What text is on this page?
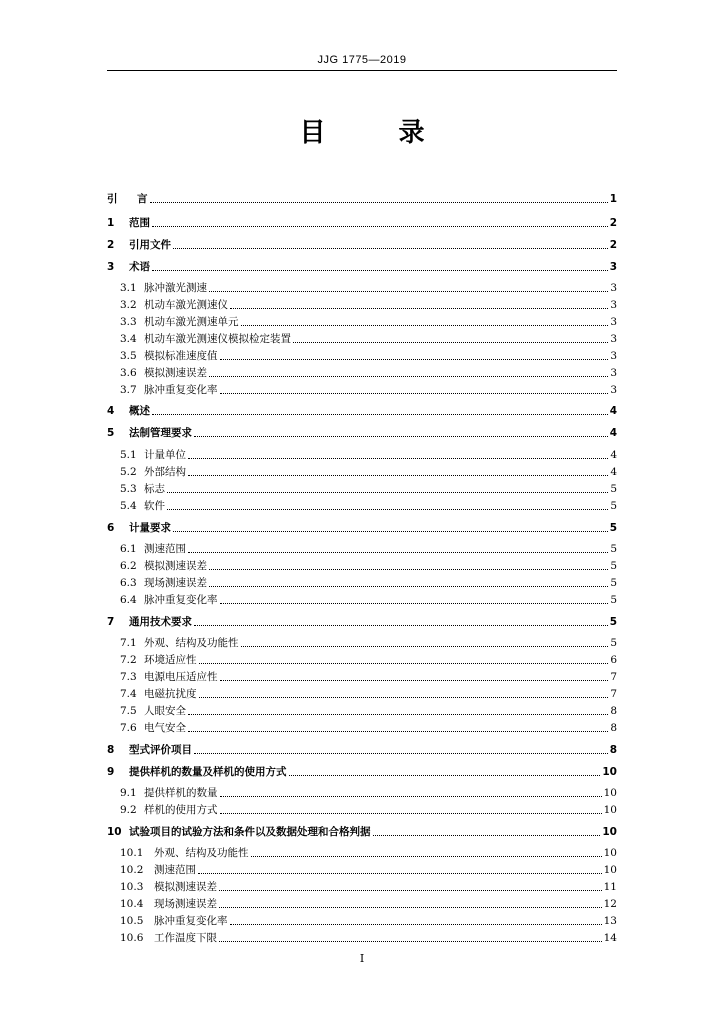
JJG 1775—2019
目 录
引	言	1
1	范围	2
2	引用文件	2
3	术语	3
3.1 脉冲激光测速	3
3.2 机动车激光测速仪	3
3.3 机动车激光测速单元	3
3.4 机动车激光测速仪模拟检定装置	3
3.5 模拟标准速度值	3
3.6 模拟测速误差	3
3.7 脉冲重复变化率	3
4	概述	4
5	法制管理要求	4
5.1 计量单位	4
5.2 外部结构	4
5.3 标志	5
5.4 软件	5
6	计量要求	5
6.1 测速范围	5
6.2 模拟测速误差	5
6.3 现场测速误差	5
6.4 脉冲重复变化率	5
7	通用技术要求	5
7.1 外观、结构及功能性	5
7.2 环境适应性	6
7.3 电源电压适应性	7
7.4 电磁抗扰度	7
7.5 人眼安全	8
7.6 电气安全	8
8	型式评价项目	8
9	提供样机的数量及样机的使用方式	10
9.1 提供样机的数量	10
9.2 样机的使用方式	10
10 试验项目的试验方法和条件以及数据处理和合格判据	10
10.1	外观、结构及功能性	10
10.2	测速范围	10
10.3	模拟测速误差	11
10.4	现场测速误差	12
10.5	脉冲重复变化率	13
10.6	工作温度下限	14
I
